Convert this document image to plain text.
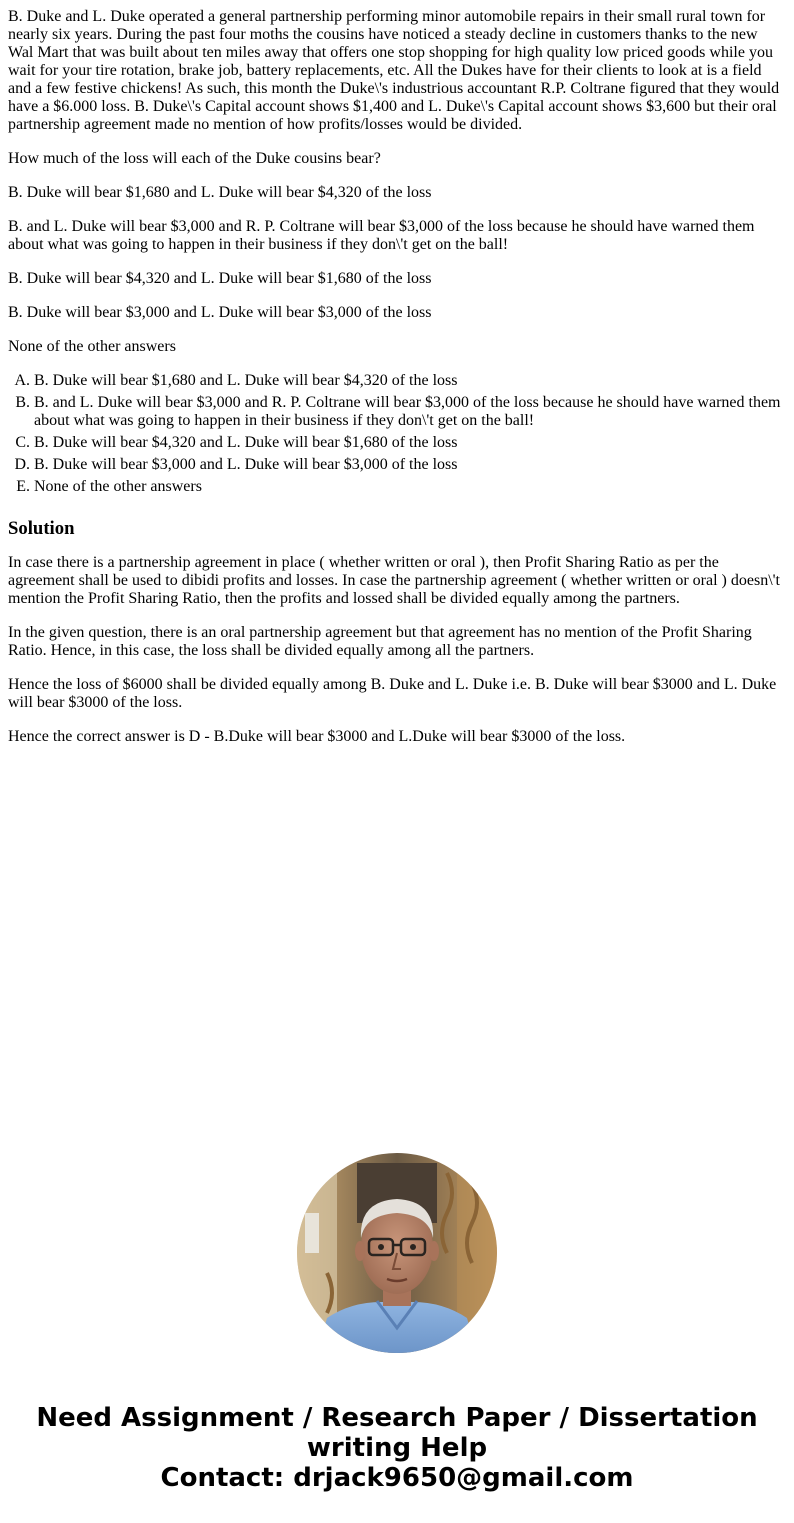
B. Duke and L. Duke operated a general partnership performing minor automobile repairs in their small rural town for nearly six years. During the past four moths the cousins have noticed a steady decline in customers thanks to the new Wal Mart that was built about ten miles away that offers one stop shopping for high quality low priced goods while you wait for your tire rotation, brake job, battery replacements, etc. All the Dukes have for their clients to look at is a field and a few festive chickens! As such, this month the Duke\'s industrious accountant R.P. Coltrane figured that they would have a $6.000 loss. B. Duke\'s Capital account shows $1,400 and L. Duke\'s Capital account shows $3,600 but their oral partnership agreement made no mention of how profits/losses would be divided.

How much of the loss will each of the Duke cousins bear?

B. Duke will bear $1,680 and L. Duke will bear $4,320 of the loss

B. and L. Duke will bear $3,000 and R. P. Coltrane will bear $3,000 of the loss because he should have warned them about what was going to happen in their business if they don\'t get on the ball!

B. Duke will bear $4,320 and L. Duke will bear $1,680 of the loss

B. Duke will bear $3,000 and L. Duke will bear $3,000 of the loss

None of the other answers

A. B. Duke will bear $1,680 and L. Duke will bear $4,320 of the loss
B. B. and L. Duke will bear $3,000 and R. P. Coltrane will bear $3,000 of the loss because he should have warned them about what was going to happen in their business if they don\'t get on the ball!
C. B. Duke will bear $4,320 and L. Duke will bear $1,680 of the loss
D. B. Duke will bear $3,000 and L. Duke will bear $3,000 of the loss
E. None of the other answers
Solution

In case there is a partnership agreement in place ( whether written or oral ), then Profit Sharing Ratio as per the agreement shall be used to dibidi profits and losses. In case the partnership agreement ( whether written or oral ) doesn\'t mention the Profit Sharing Ratio, then the profits and lossed shall be divided equally among the partners.

In the given question, there is an oral partnership agreement but that agreement has no mention of the Profit Sharing Ratio. Hence, in this case, the loss shall be divided equally among all the partners.

Hence the loss of $6000 shall be divided equally among B. Duke and L. Duke i.e. B. Duke will bear $3000 and L. Duke will bear $3000 of the loss.

Hence the correct answer is D - B.Duke will bear $3000 and L.Duke will bear $3000 of the loss.

Need Assignment / Research Paper / Dissertation writing Help
Contact: drjack9650@gmail.com
